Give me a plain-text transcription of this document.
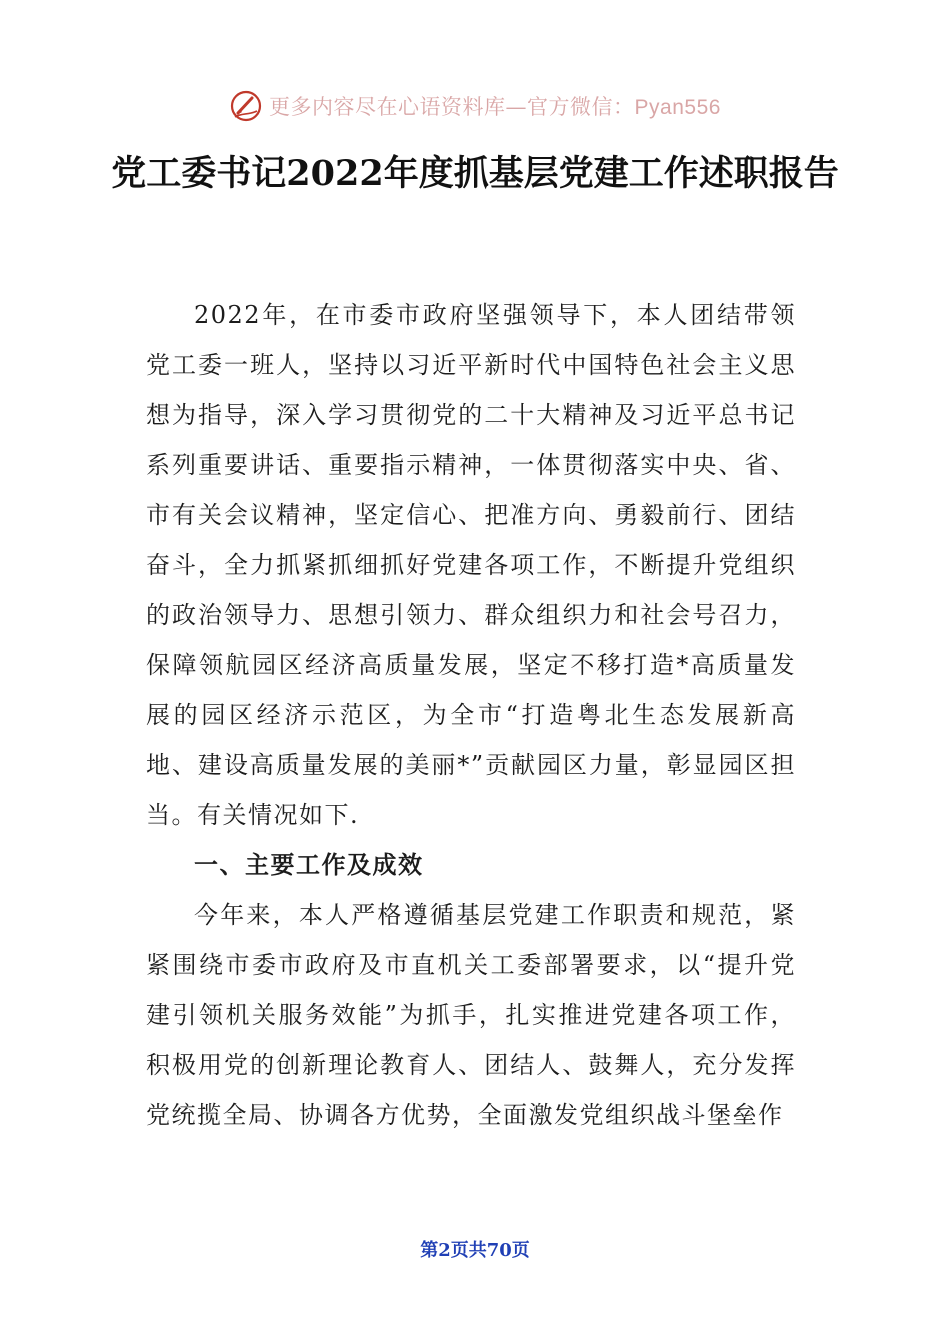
更多内容尽在心语资料库—官方微信：Pyan556
党工委书记2022年度抓基层党建工作述职报告

2022年，在市委市政府坚强领导下，本人团结带领党工委一班人，坚持以习近平新时代中国特色社会主义思想为指导，深入学习贯彻党的二十大精神及习近平总书记系列重要讲话、重要指示精神，一体贯彻落实中央、省、市有关会议精神，坚定信心、把准方向、勇毅前行、团结奋斗，全力抓紧抓细抓好党建各项工作，不断提升党组织的政治领导力、思想引领力、群众组织力和社会号召力，保障领航园区经济高质量发展，坚定不移打造*高质量发展的园区经济示范区，为全市“打造粤北生态发展新高地、建设高质量发展的美丽*”贡献园区力量，彰显园区担当。有关情况如下.

一、主要工作及成效

今年来，本人严格遵循基层党建工作职责和规范，紧紧围绕市委市政府及市直机关工委部署要求，以“提升党建引领机关服务效能”为抓手，扎实推进党建各项工作，积极用党的创新理论教育人、团结人、鼓舞人，充分发挥党统揽全局、协调各方优势，全面激发党组织战斗堡垒作

第2页共70页
